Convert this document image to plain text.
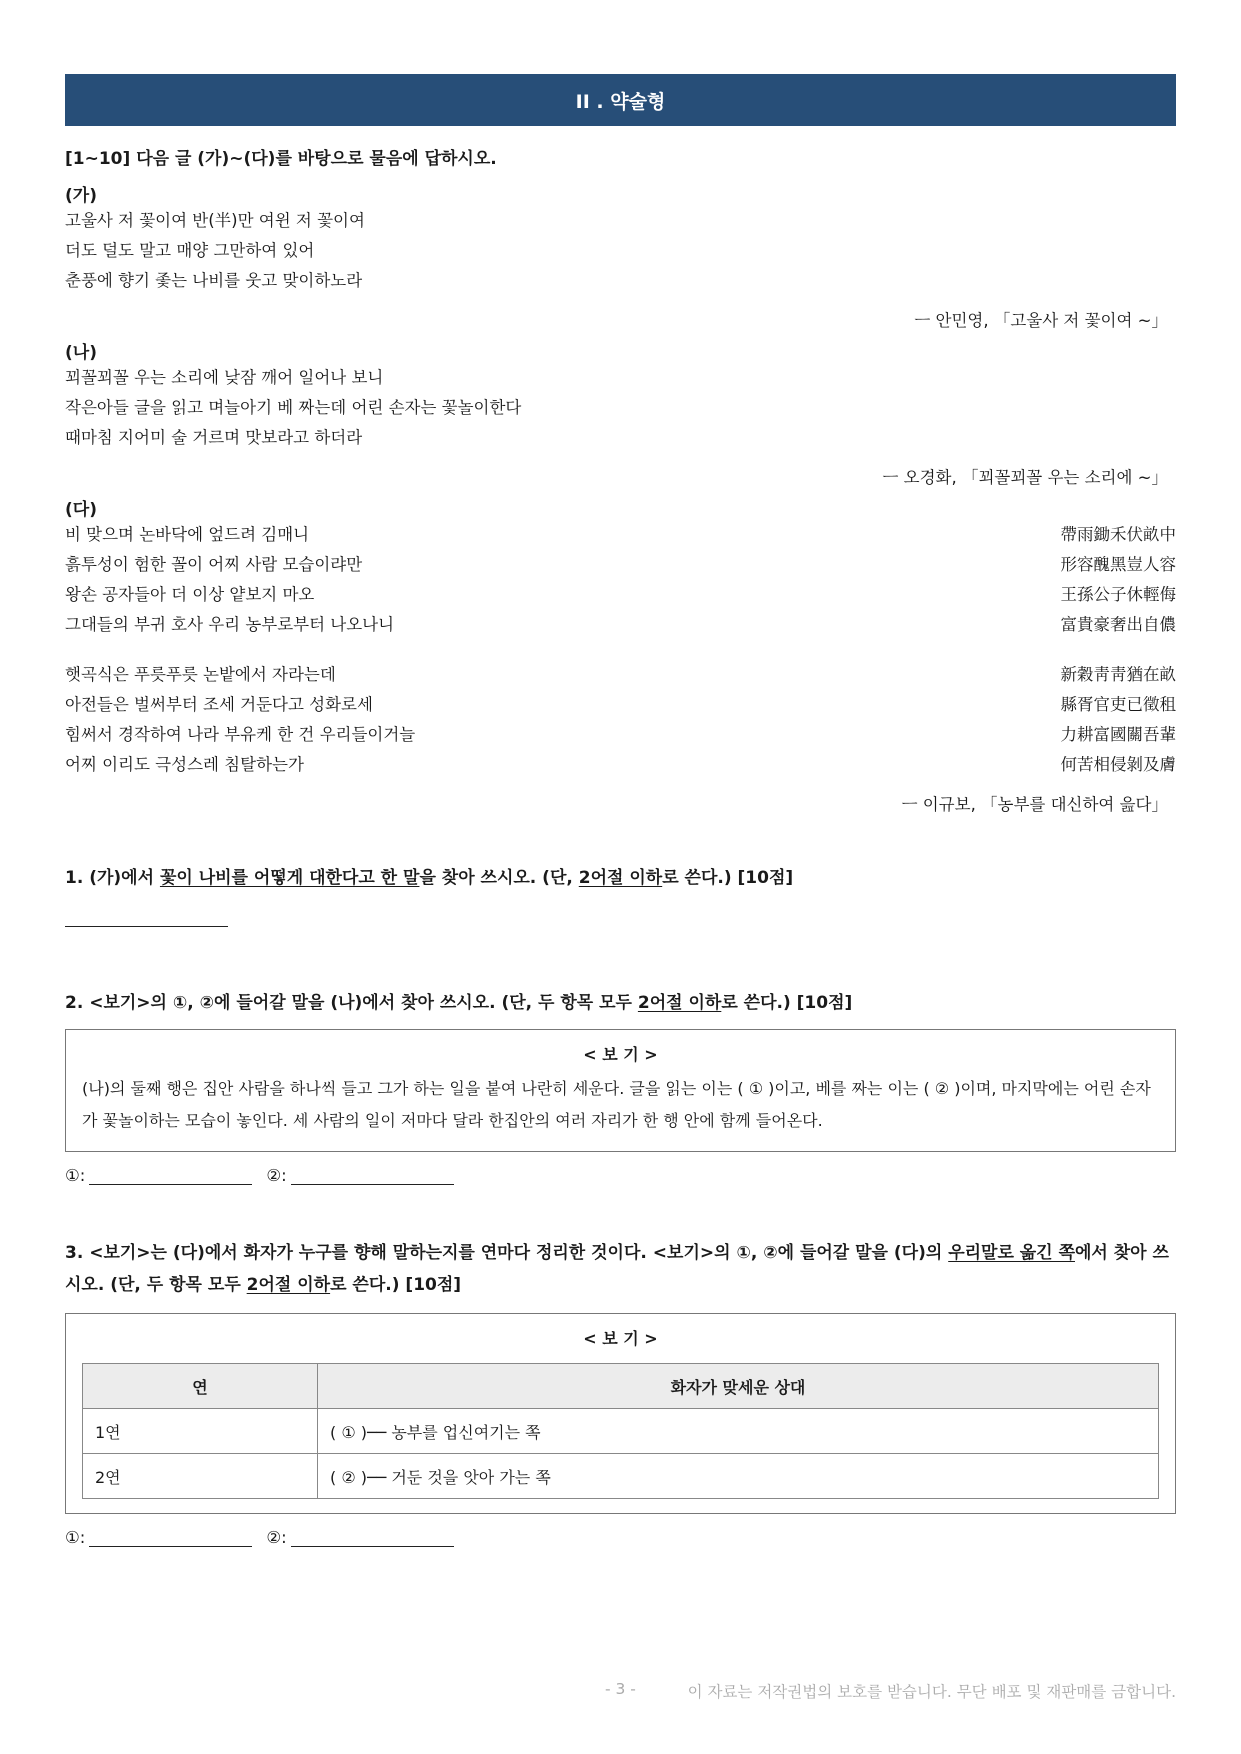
II . 약술형
[1~10] 다음 글 (가)~(다)를 바탕으로 물음에 답하시오.
(가)
고울사 저 꽃이여 반(半)만 여윈 저 꽃이여
더도 덜도 말고 매양 그만하여 있어
춘풍에 향기 좇는 나비를 웃고 맞이하노라
ㅡ 안민영, 「고울사 저 꽃이여 ~」
(나)
꾀꼴꾀꼴 우는 소리에 낮잠 깨어 일어나 보니
작은아들 글을 읽고 며늘아기 베 짜는데 어린 손자는 꽃놀이한다
때마침 지어미 술 거르며 맛보라고 하더라
ㅡ 오경화, 「꾀꼴꾀꼴 우는 소리에 ~」
(다)
비 맞으며 논바닥에 엎드려 김매니	帶雨鋤禾伏畝中
흙투성이 험한 꼴이 어찌 사람 모습이랴만	形容醜黑豈人容
왕손 공자들아 더 이상 얕보지 마오	王孫公子休輕侮
그대들의 부귀 호사 우리 농부로부터 나오나니	富貴豪奢出自儂
햇곡식은 푸릇푸릇 논밭에서 자라는데	新穀靑靑猶在畝
아전들은 벌써부터 조세 거둔다고 성화로세	縣胥官吏已徵租
힘써서 경작하여 나라 부유케 한 건 우리들이거늘	力耕富國關吾輩
어찌 이리도 극성스레 침탈하는가	何苦相侵剝及膚
ㅡ 이규보, 「농부를 대신하여 읊다」
1. (가)에서 꽃이 나비를 어떻게 대한다고 한 말을 찾아 쓰시오. (단, 2어절 이하로 쓴다.) [10점]
2. <보기>의 ①, ②에 들어갈 말을 (나)에서 찾아 쓰시오. (단, 두 항목 모두 2어절 이하로 쓴다.) [10점]
< 보 기 >
(나)의 둘째 행은 집안 사람을 하나씩 들고 그가 하는 일을 붙여 나란히 세운다. 글을 읽는 이는 ( ① )이고, 베를 짜는 이는 ( ② )이며, 마지막에는 어린 손자가 꽃놀이하는 모습이 놓인다. 세 사람의 일이 저마다 달라 한집안의 여러 자리가 한 행 안에 함께 들어온다.
①:	②:
3. <보기>는 (다)에서 화자가 누구를 향해 말하는지를 연마다 정리한 것이다. <보기>의 ①, ②에 들어갈 말을 (다)의 우리말로 옮긴 쪽에서 찾아 쓰시오. (단, 두 항목 모두 2어절 이하로 쓴다.) [10점]
< 보 기 >
연	화자가 맞세운 상대
1연	( ① )── 농부를 업신여기는 쪽
2연	( ② )── 거둔 것을 앗아 가는 쪽
①:	②:
- 3 -	이 자료는 저작권법의 보호를 받습니다. 무단 배포 및 재판매를 금합니다.
